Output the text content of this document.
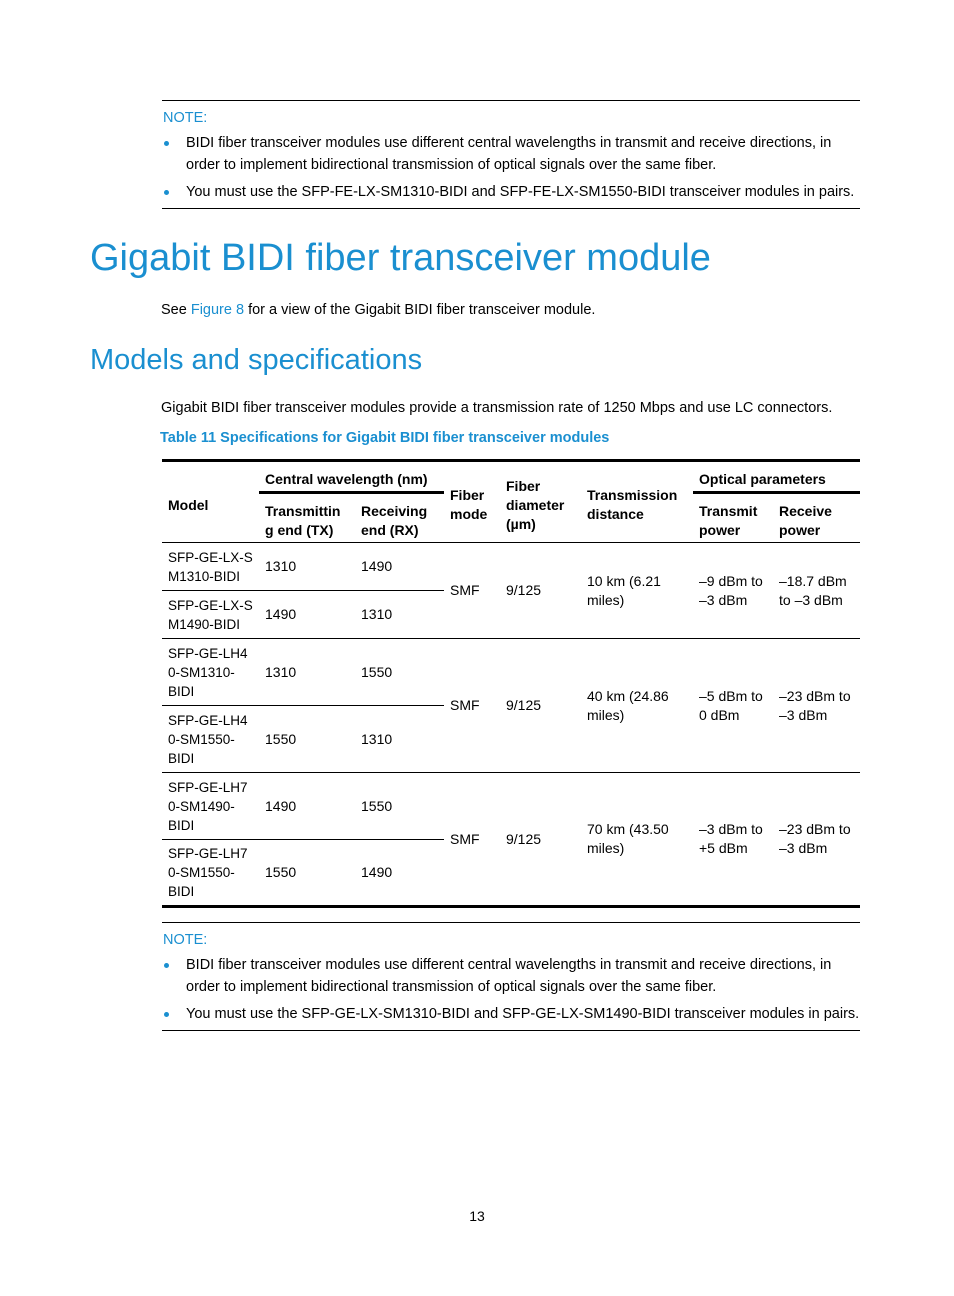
NOTE:
BIDI fiber transceiver modules use different central wavelengths in transmit and receive directions, in order to implement bidirectional transmission of optical signals over the same fiber.
You must use the SFP-FE-LX-SM1310-BIDI and SFP-FE-LX-SM1550-BIDI transceiver modules in pairs.
Gigabit BIDI fiber transceiver module

See Figure 8 for a view of the Gigabit BIDI fiber transceiver module.

Models and specifications

Gigabit BIDI fiber transceiver modules provide a transmission rate of 1250 Mbps and use LC connectors.

Table 11 Specifications for Gigabit BIDI fiber transceiver modules

Model	Central wavelength (nm)		Fiber mode	Fiber diameter (µm)	Transmission distance	Optical parameters	
	Transmittin g end (TX)	Receiving end (RX)				Transmit power	Receive power
SFP-GE-LX-S M1310-BIDI	1310	1490	SMF	9/125	10 km (6.21 miles)	–9 dBm to –3 dBm	–18.7 dBm to –3 dBm
SFP-GE-LX-S M1490-BIDI	1490	1310					
SFP-GE-LH4 0-SM1310- BIDI	1310	1550	SMF	9/125	40 km (24.86 miles)	–5 dBm to 0 dBm	–23 dBm to –3 dBm
SFP-GE-LH4 0-SM1550- BIDI	1550	1310					
SFP-GE-LH7 0-SM1490- BIDI	1490	1550	SMF	9/125	70 km (43.50 miles)	–3 dBm to +5 dBm	–23 dBm to –3 dBm
SFP-GE-LH7 0-SM1550- BIDI	1550	1490					
NOTE:
BIDI fiber transceiver modules use different central wavelengths in transmit and receive directions, in order to implement bidirectional transmission of optical signals over the same fiber.
You must use the SFP-GE-LX-SM1310-BIDI and SFP-GE-LX-SM1490-BIDI transceiver modules in pairs.
13
